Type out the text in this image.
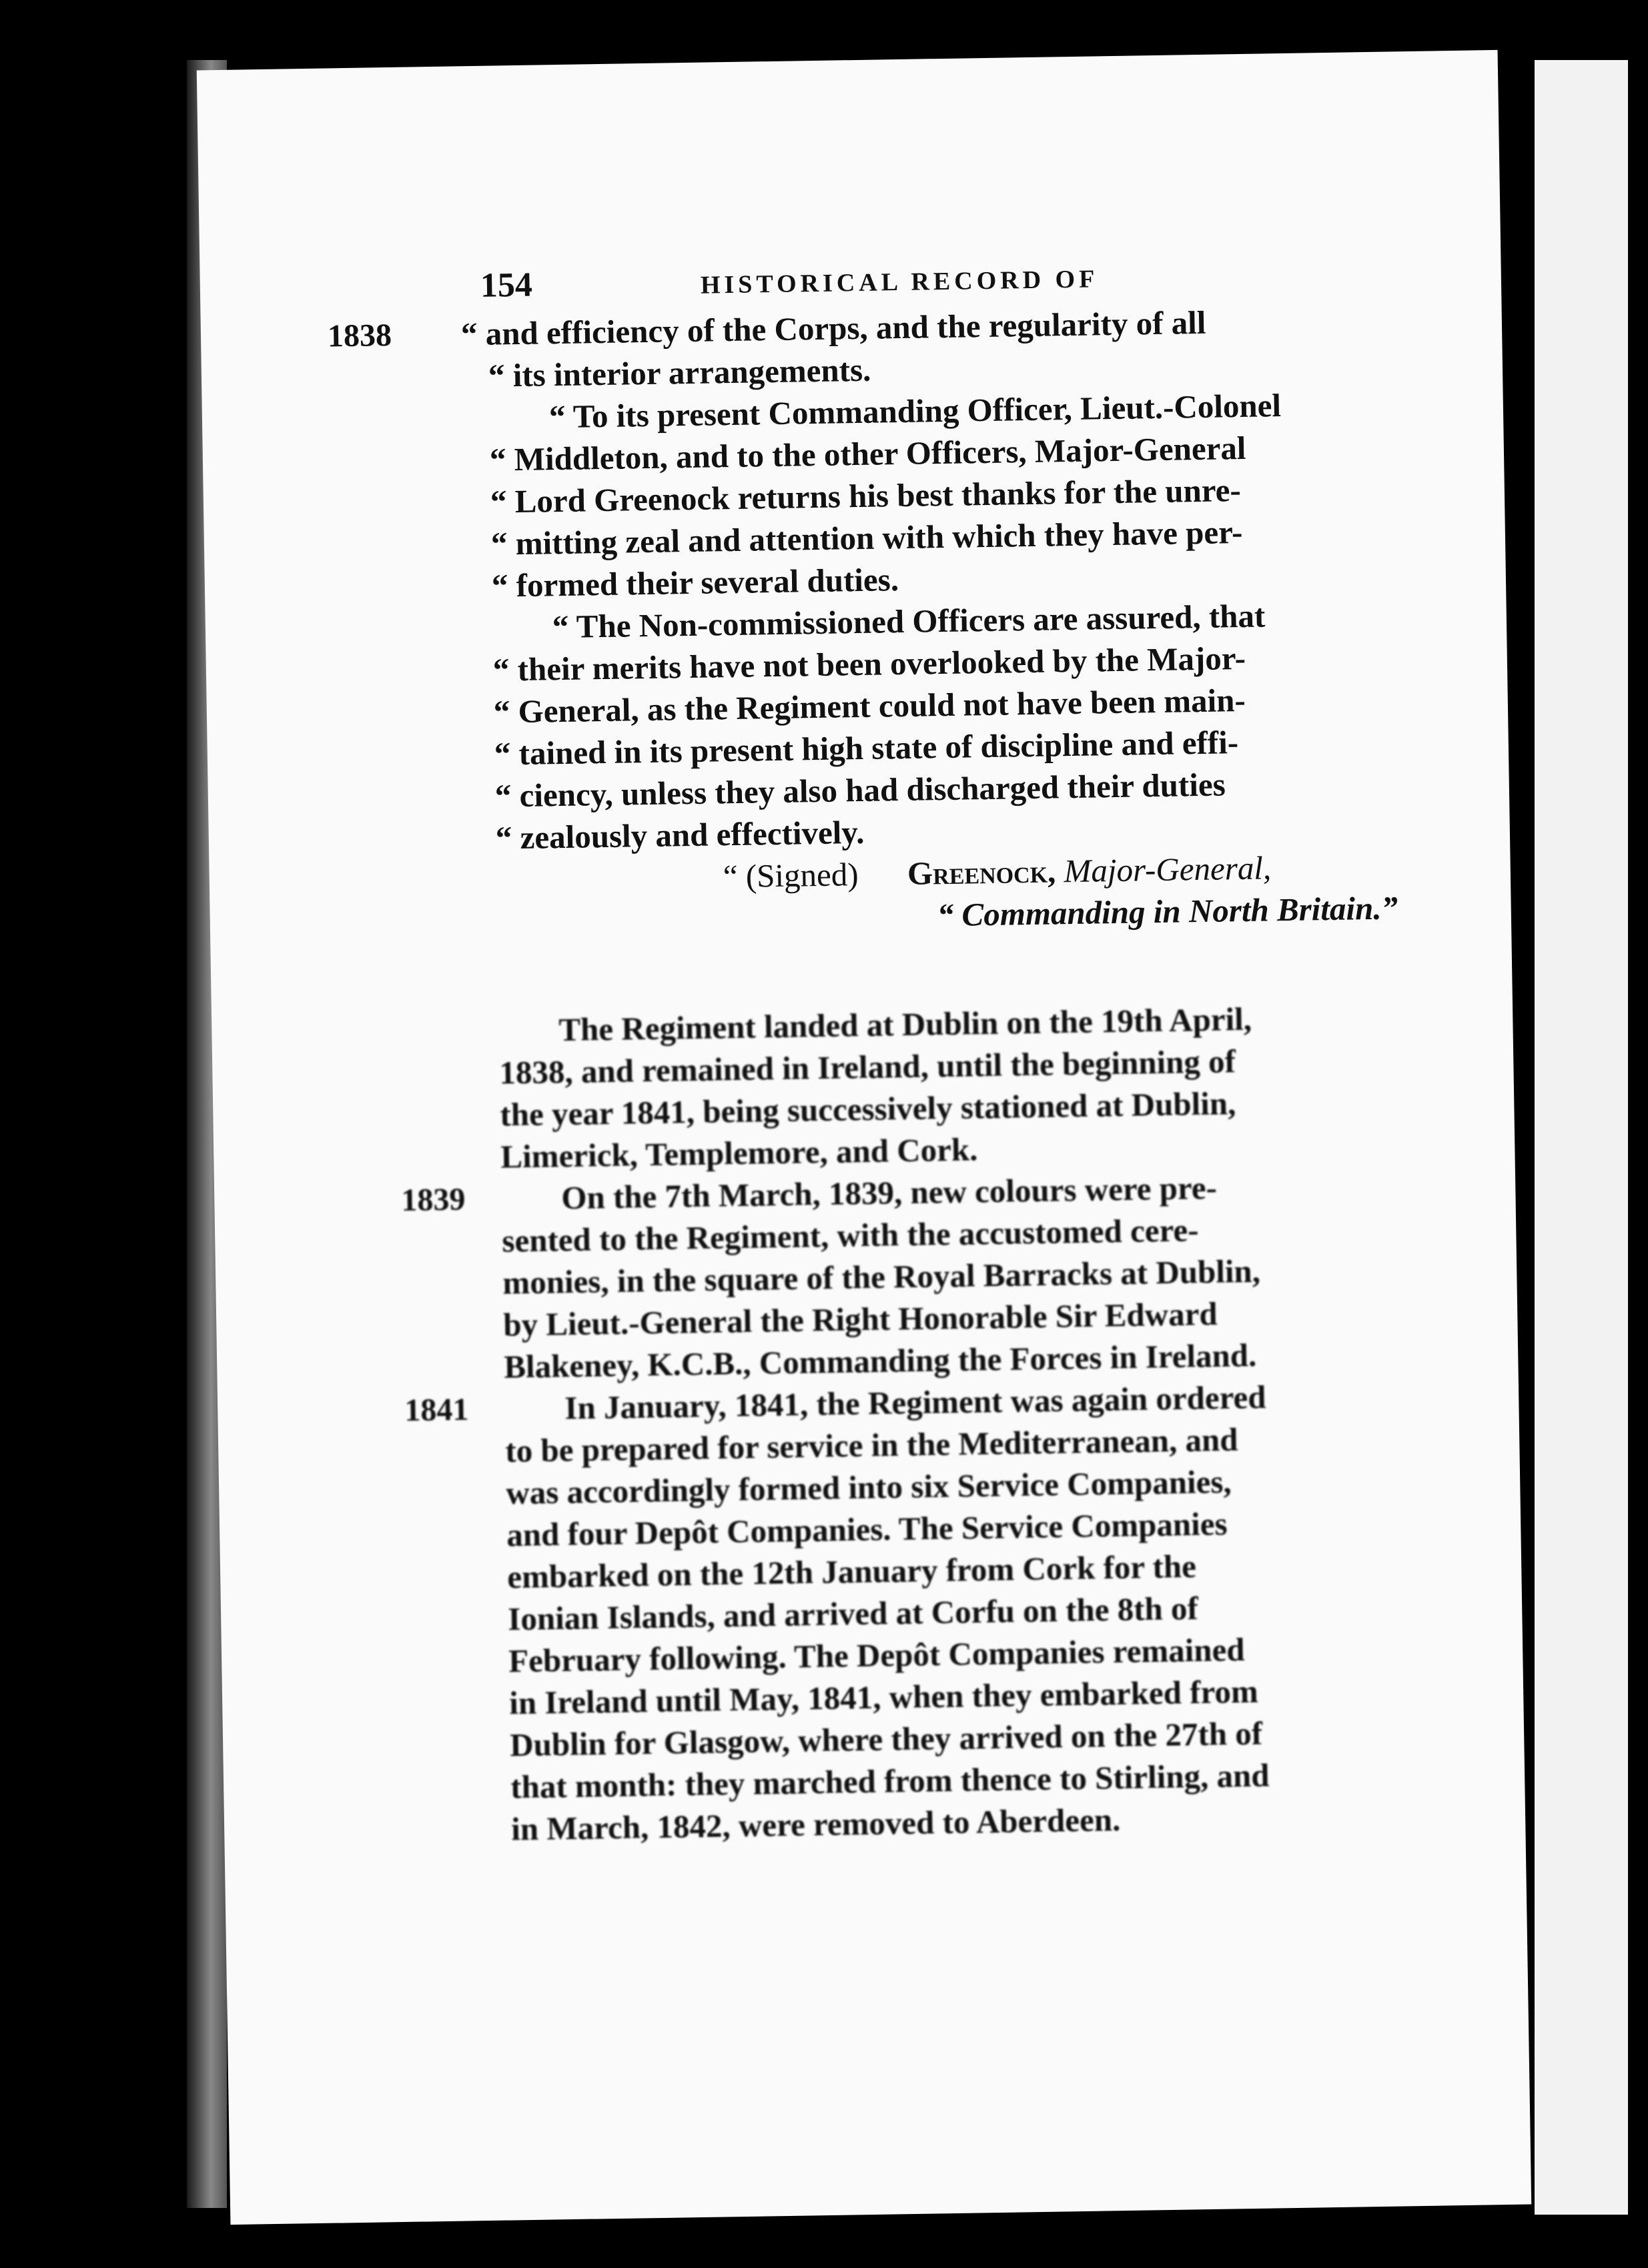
154	HISTORICAL RECORD OF
1838 “ and efficiency of the Corps, and the regularity of all
“ its interior arrangements.
“ To its present Commanding Officer, Lieut.-Colonel
“ Middleton, and to the other Officers, Major-General
“ Lord Greenock returns his best thanks for the unre-
“ mitting zeal and attention with which they have per-
“ formed their several duties.
“ The Non-commissioned Officers are assured, that
“ their merits have not been overlooked by the Major-
“ General, as the Regiment could not have been main-
“ tained in its present high state of discipline and effi-
“ ciency, unless they also had discharged their duties
“ zealously and effectively.
“ (Signed) Greenock, Major-General,
“ Commanding in North Britain.”
The Regiment landed at Dublin on the 19th April,
1838, and remained in Ireland, until the beginning of
the year 1841, being successively stationed at Dublin,
Limerick, Templemore, and Cork.
1839	On the 7th March, 1839, new colours were pre-
sented to the Regiment, with the accustomed cere-
monies, in the square of the Royal Barracks at Dublin,
by Lieut.-General the Right Honorable Sir Edward
Blakeney, K.C.B., Commanding the Forces in Ireland.
1841	In January, 1841, the Regiment was again ordered
to be prepared for service in the Mediterranean, and
was accordingly formed into six Service Companies,
and four Depôt Companies. The Service Companies
embarked on the 12th January from Cork for the
Ionian Islands, and arrived at Corfu on the 8th of
February following. The Depôt Companies remained
in Ireland until May, 1841, when they embarked from
Dublin for Glasgow, where they arrived on the 27th of
that month: they marched from thence to Stirling, and
in March, 1842, were removed to Aberdeen.
